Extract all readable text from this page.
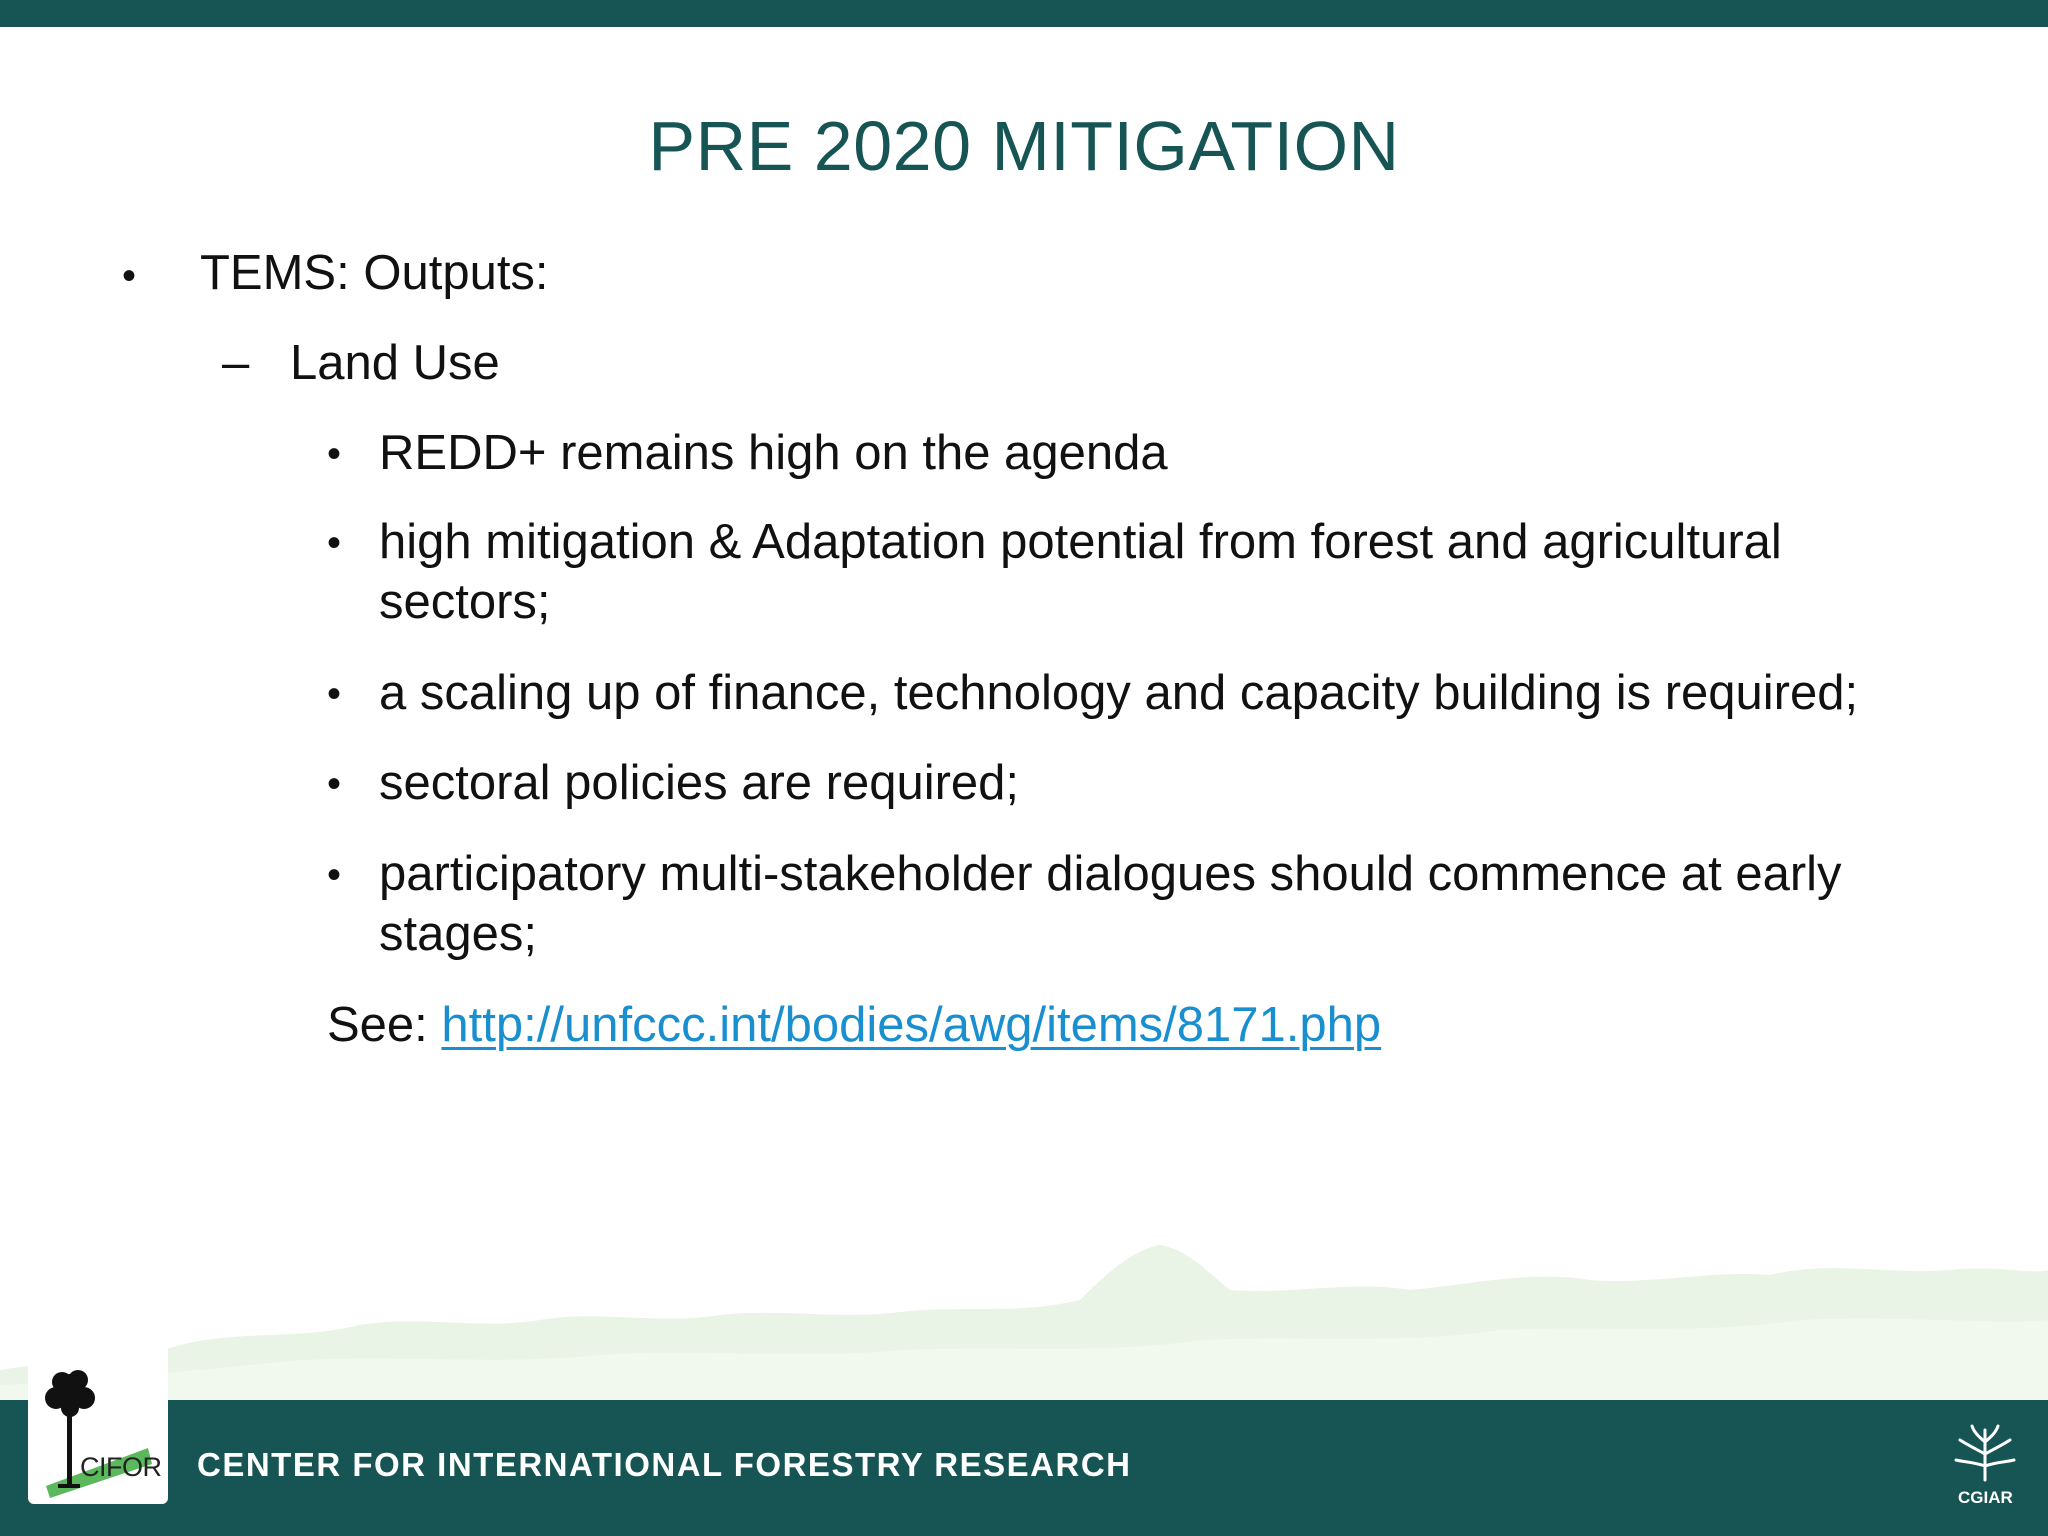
PRE 2020 MITIGATION
• TEMS: Outputs:
– Land Use
• REDD+ remains high on the agenda
• high mitigation & Adaptation potential from forest and agricultural
sectors;
• a scaling up of finance, technology and capacity building is required;
• sectoral policies are required;
• participatory multi-stakeholder dialogues should commence at early
stages;
See: http://unfccc.int/bodies/awg/items/8171.php
CENTER FOR INTERNATIONAL FORESTRY RESEARCH
CIFOR
CGIAR
